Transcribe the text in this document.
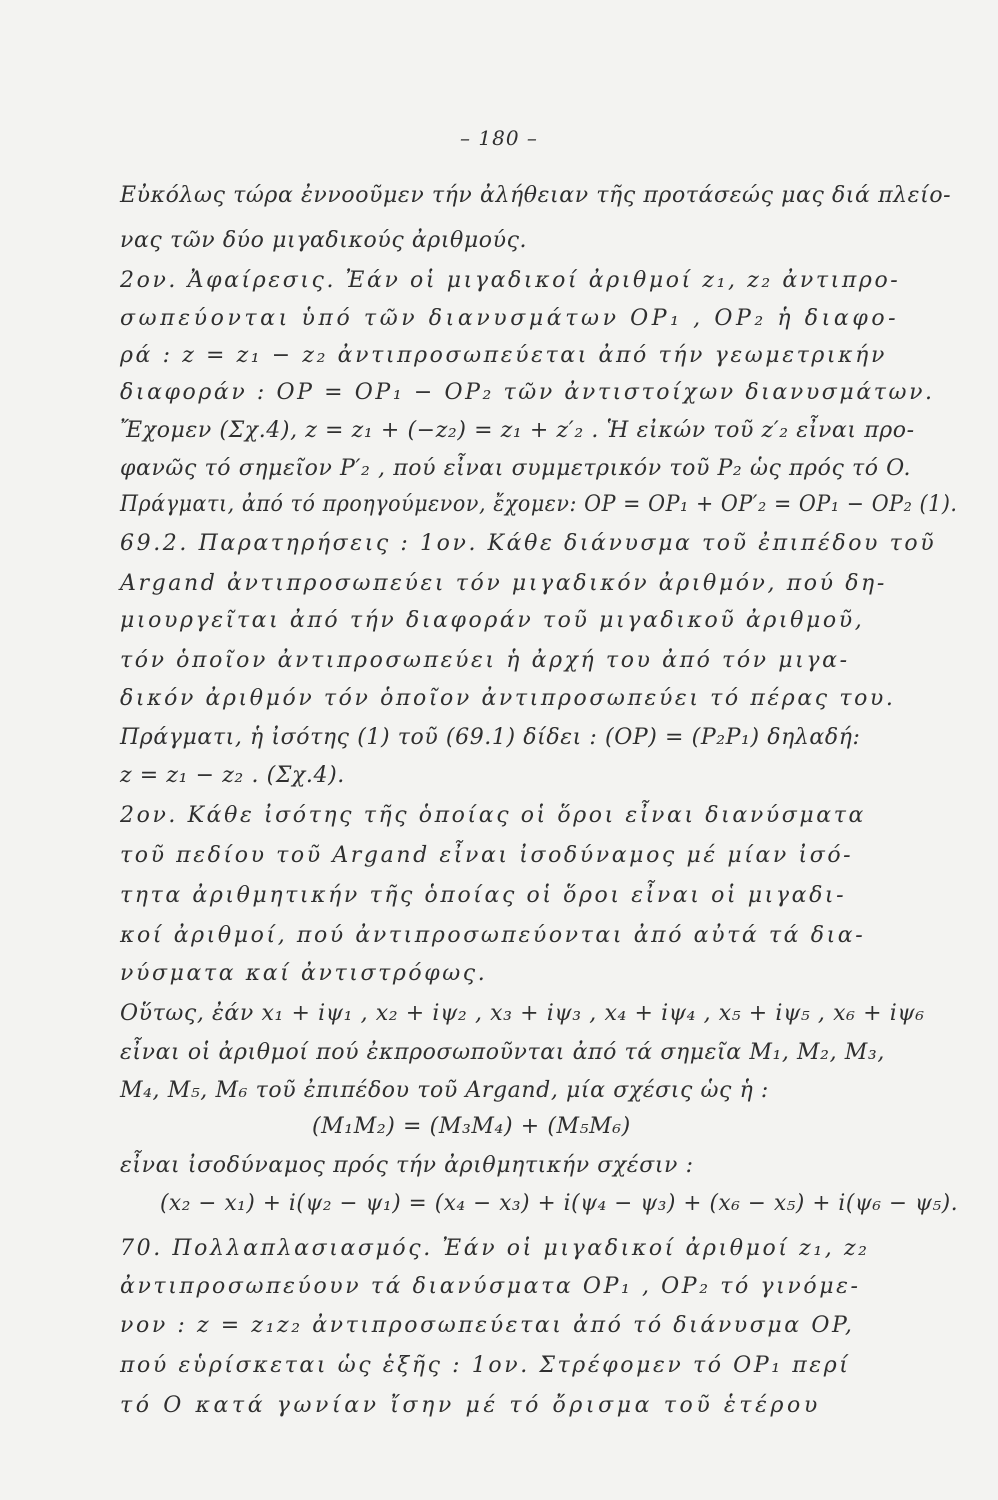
– 180 –
Εὐκόλως τώρα ἐννοοῦμεν τήν ἀλήθειαν τῆς προτάσεώς μας διά πλείο-
νας τῶν δύο μιγαδικούς ἀριθμούς.
2ον. Ἀφαίρεσις. Ἐάν οἱ μιγαδικοί ἀριθμοί z₁, z₂ ἀντιπρο-
σωπεύονται ὑπό τῶν διανυσμάτων OP₁ , OP₂ ἡ διαφο-
ρά : z = z₁ − z₂ ἀντιπροσωπεύεται ἀπό τήν γεωμετρικήν
διαφοράν : OP = OP₁ − OP₂ τῶν ἀντιστοίχων διανυσμάτων.
Ἔχομεν (Σχ.4), z = z₁ + (−z₂) = z₁ + z′₂ . Ἡ εἰκών τοῦ z′₂ εἶναι προ-
φανῶς τό σημεῖον P′₂ , πού εἶναι συμμετρικόν τοῦ P₂ ὡς πρός τό O.
Πράγματι, ἀπό τό προηγούμενον, ἔχομεν: OP = OP₁ + OP′₂ = OP₁ − OP₂ (1).
69.2. Παρατηρήσεις : 1ον. Κάθε διάνυσμα τοῦ ἐπιπέδου τοῦ
Argand ἀντιπροσωπεύει τόν μιγαδικόν ἀριθμόν, πού δη-
μιουργεῖται ἀπό τήν διαφοράν τοῦ μιγαδικοῦ ἀριθμοῦ,
τόν ὁποῖον ἀντιπροσωπεύει ἡ ἀρχή του ἀπό τόν μιγα-
δικόν ἀριθμόν τόν ὁποῖον ἀντιπροσωπεύει τό πέρας του.
Πράγματι, ἡ ἰσότης (1) τοῦ (69.1) δίδει : (OP) = (P₂P₁) δηλαδή:
z = z₁ − z₂ . (Σχ.4).
2ον. Κάθε ἰσότης τῆς ὁποίας οἱ ὅροι εἶναι διανύσματα
τοῦ πεδίου τοῦ Argand εἶναι ἰσοδύναμος μέ μίαν ἰσό-
τητα ἀριθμητικήν τῆς ὁποίας οἱ ὅροι εἶναι οἱ μιγαδι-
κοί ἀριθμοί, πού ἀντιπροσωπεύονται ἀπό αὐτά τά δια-
νύσματα καί ἀντιστρόφως.
Οὕτως, ἐάν x₁ + iψ₁ , x₂ + iψ₂ , x₃ + iψ₃ , x₄ + iψ₄ , x₅ + iψ₅ , x₆ + iψ₆
εἶναι οἱ ἀριθμοί πού ἐκπροσωποῦνται ἀπό τά σημεῖα M₁, M₂, M₃,
M₄, M₅, M₆ τοῦ ἐπιπέδου τοῦ Argand, μία σχέσις ὡς ἡ :
(M₁M₂) = (M₃M₄) + (M₅M₆)
εἶναι ἰσοδύναμος πρός τήν ἀριθμητικήν σχέσιν :
(x₂ − x₁) + i(ψ₂ − ψ₁) = (x₄ − x₃) + i(ψ₄ − ψ₃) + (x₆ − x₅) + i(ψ₆ − ψ₅).
70. Πολλαπλασιασμός. Ἐάν οἱ μιγαδικοί ἀριθμοί z₁, z₂
ἀντιπροσωπεύουν τά διανύσματα OP₁ , OP₂ τό γινόμε-
νον : z = z₁z₂ ἀντιπροσωπεύεται ἀπό τό διάνυσμα OP,
πού εὑρίσκεται ὡς ἑξῆς : 1ον. Στρέφομεν τό OP₁ περί
τό O κατά γωνίαν ἴσην μέ τό ὄρισμα τοῦ ἑτέρου
